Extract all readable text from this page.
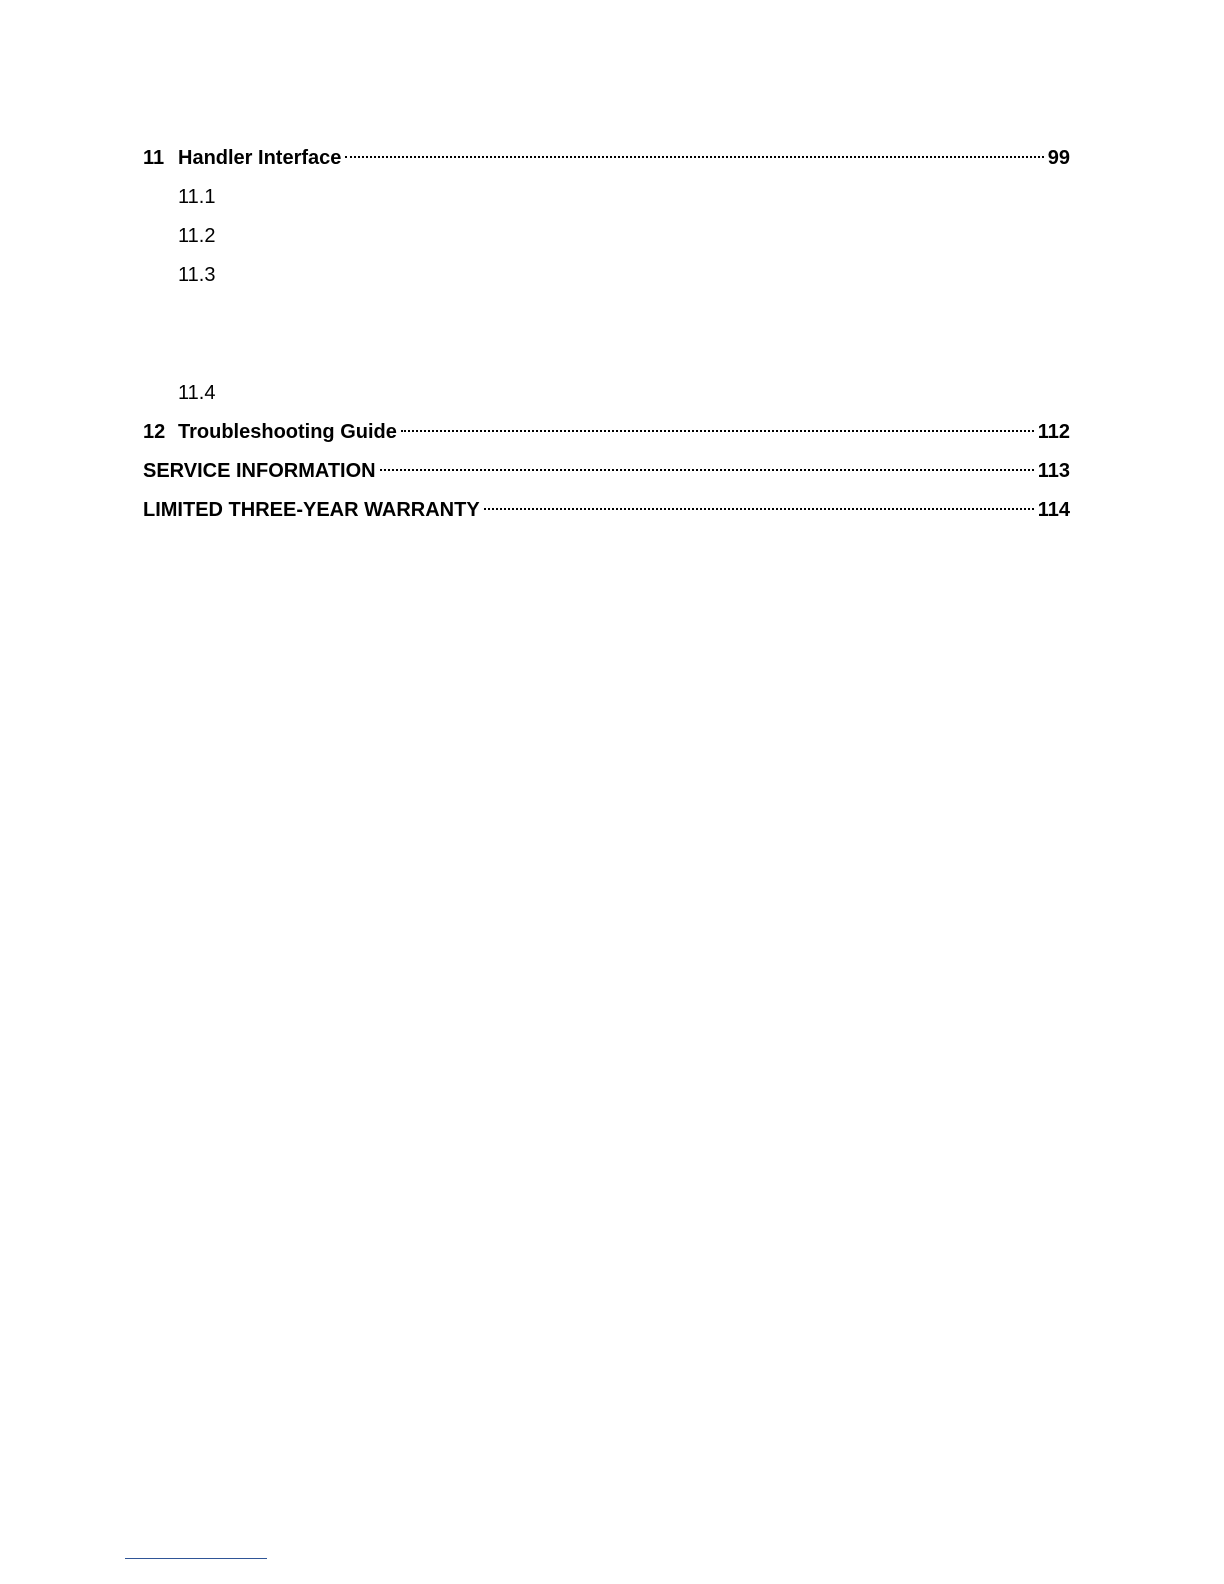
11 Handler Interface	99
11.1
11.2
11.3
11.4
12 Troubleshooting Guide	112
SERVICE INFORMATION	113
LIMITED THREE-YEAR WARRANTY	114
